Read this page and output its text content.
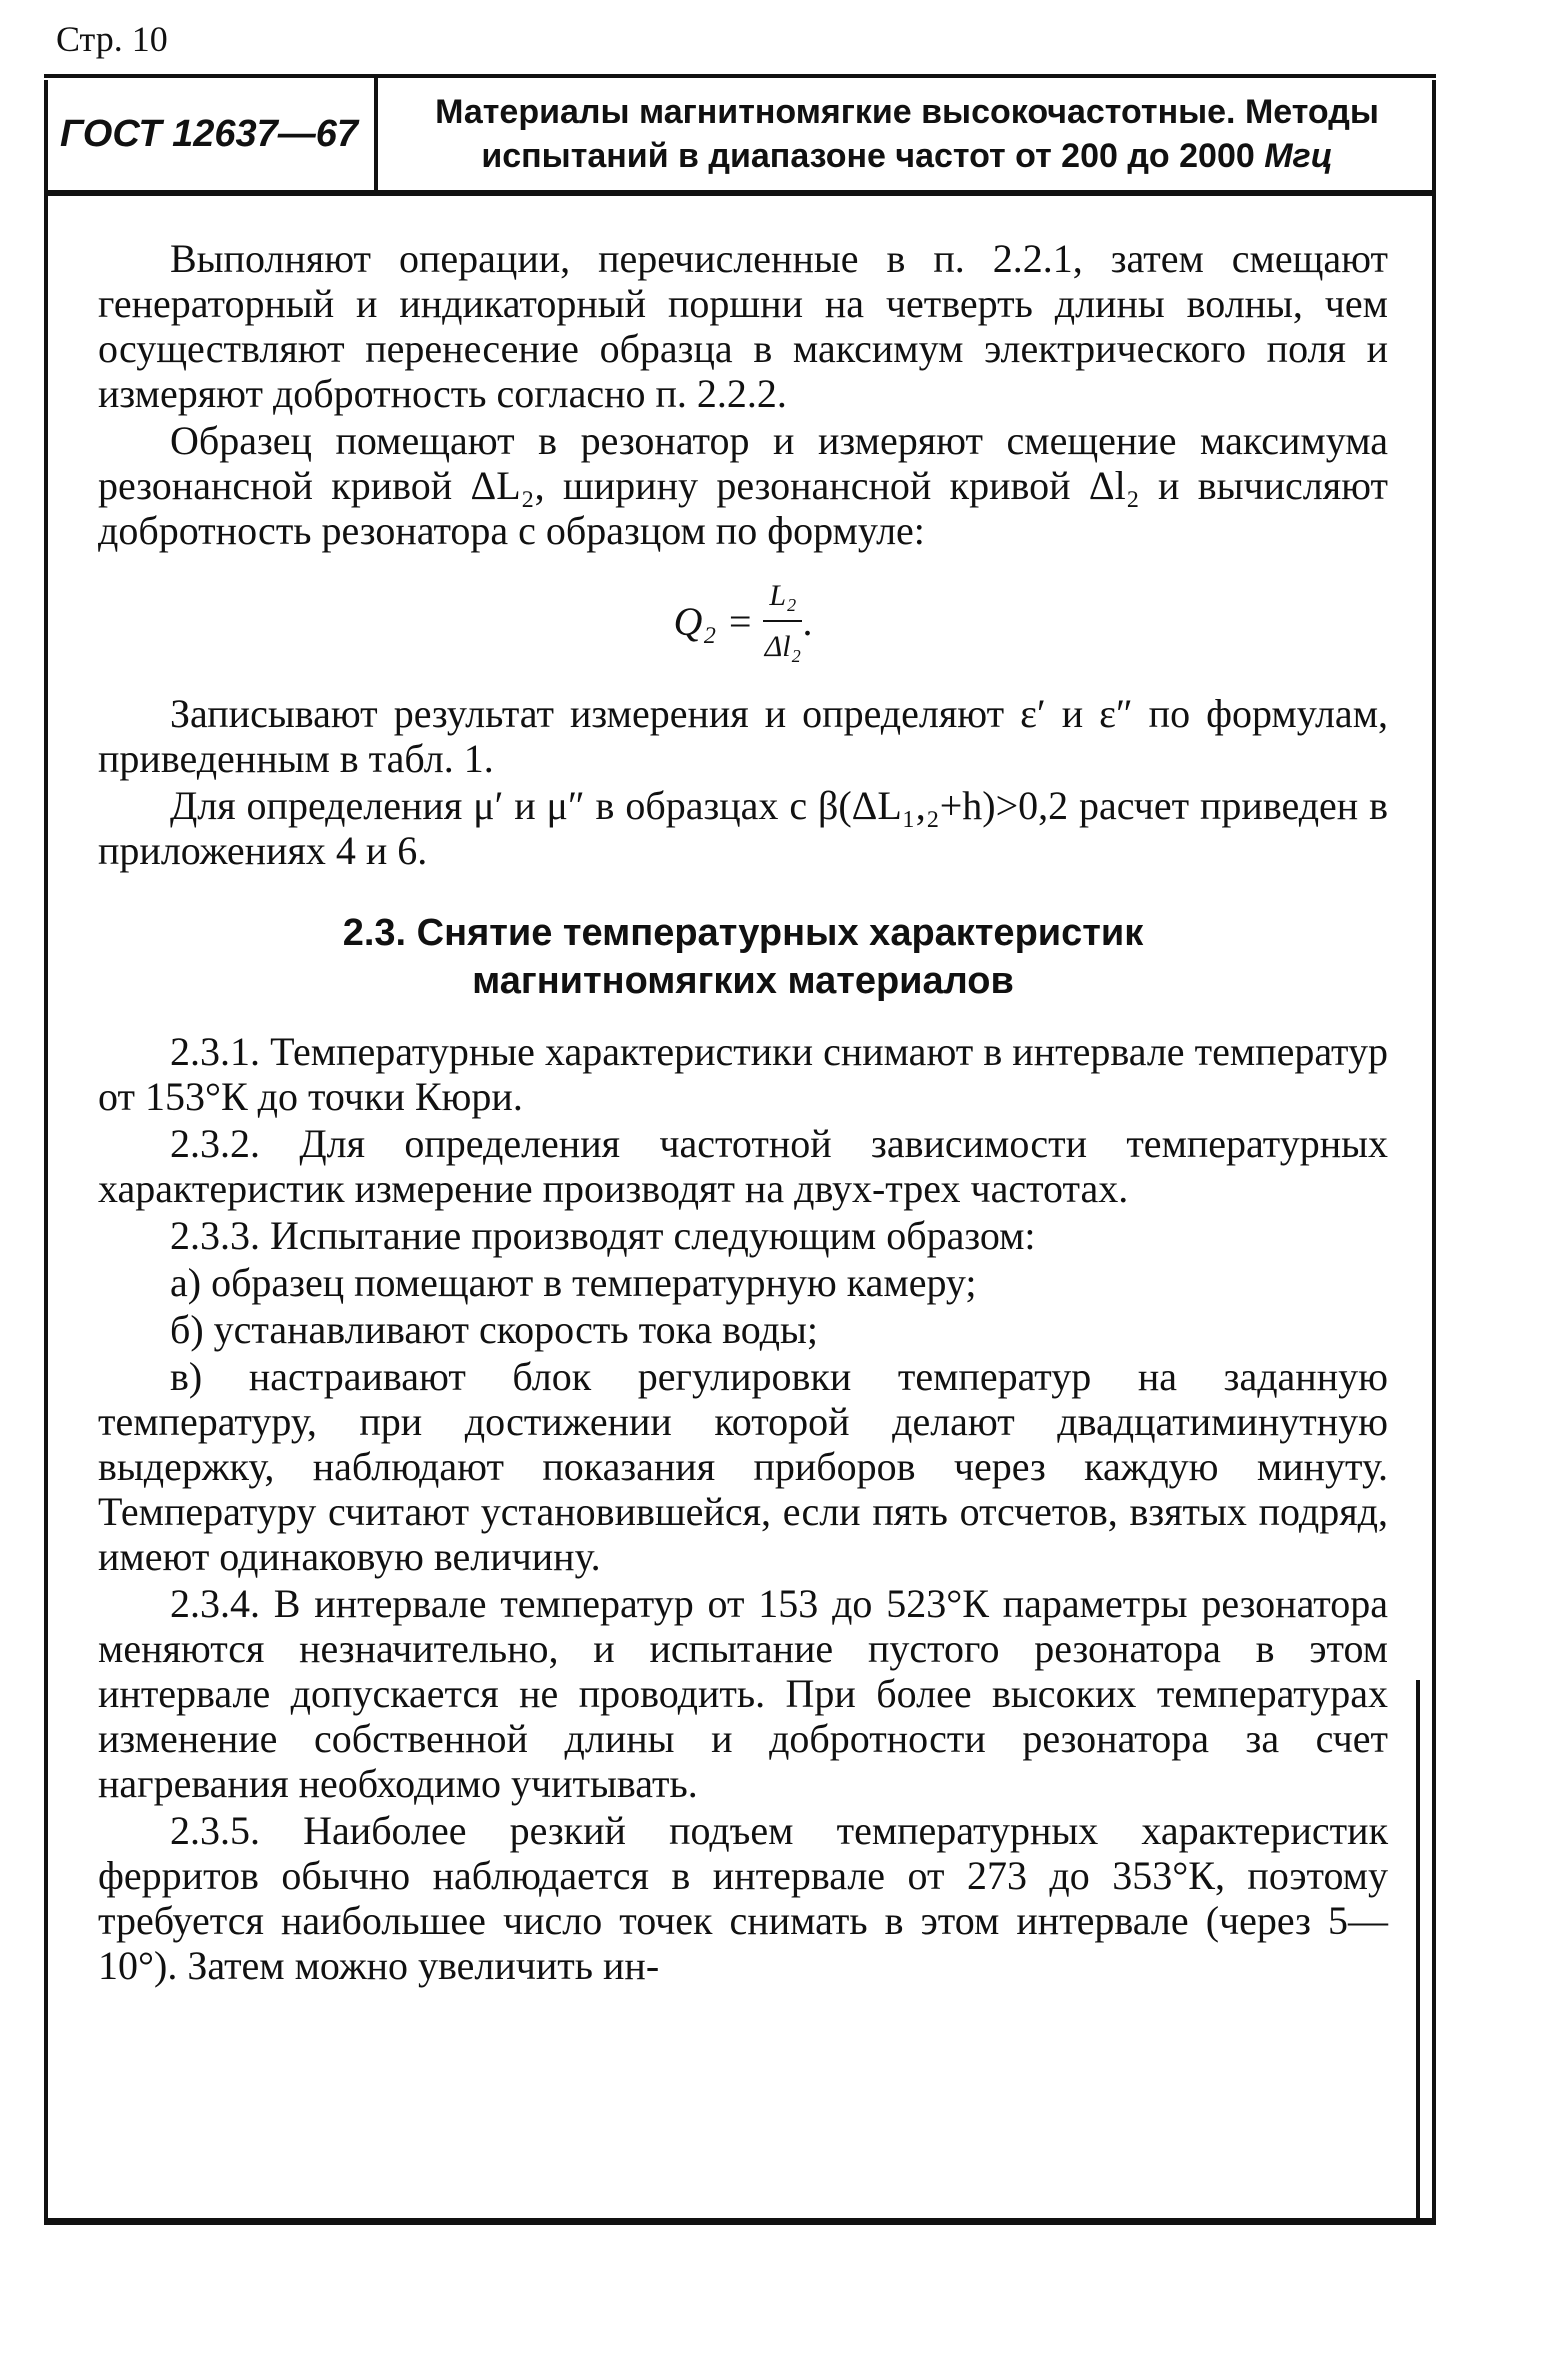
Стр. 10
ГОСТ 12637—67
Материалы магнитномягкие высокочастотные. Методы
испытаний в диапазоне частот от 200 до 2000 Мгц

Выполняют операции, перечисленные в п. 2.2.1, затем смещают генераторный и индикаторный поршни на четверть длины волны, чем осуществляют перенесение образца в максимум электрического поля и измеряют добротность согласно п. 2.2.2.

Образец помещают в резонатор и измеряют смещение максимума резонансной кривой ΔL₂, ширину резонансной кривой Δl₂ и вычисляют добротность резонатора с образцом по формуле:

$Q_2 = \frac{\text{L₂}}{\text{Δl₂}}$ .

Записывают результат измерения и определяют ε′ и ε″ по формулам, приведенным в табл. 1.

Для определения μ′ и μ″ в образцах с β(ΔL₁,₂+h)>0,2 расчет приведен в приложениях 4 и 6.

2.3. Снятие температурных характеристик
магнитномягких материалов

2.3.1. Температурные характеристики снимают в интервале температур от 153°К до точки Кюри.

2.3.2. Для определения частотной зависимости температурных характеристик измерение производят на двух-трех частотах.

2.3.3. Испытание производят следующим образом:

а) образец помещают в температурную камеру;

б) устанавливают скорость тока воды;

в) настраивают блок регулировки температур на заданную температуру, при достижении которой делают двадцатиминутную выдержку, наблюдают показания приборов через каждую минуту. Температуру считают установившейся, если пять отсчетов, взятых подряд, имеют одинаковую величину.

2.3.4. В интервале температур от 153 до 523°К параметры резонатора меняются незначительно, и испытание пустого резонатора в этом интервале допускается не проводить. При более высоких температурах изменение собственной длины и добротности резонатора за счет нагревания необходимо учитывать.

2.3.5. Наиболее резкий подъем температурных характеристик ферритов обычно наблюдается в интервале от 273 до 353°К, поэтому требуется наибольшее число точек снимать в этом интервале (через 5—10°). Затем можно увеличить ин-
